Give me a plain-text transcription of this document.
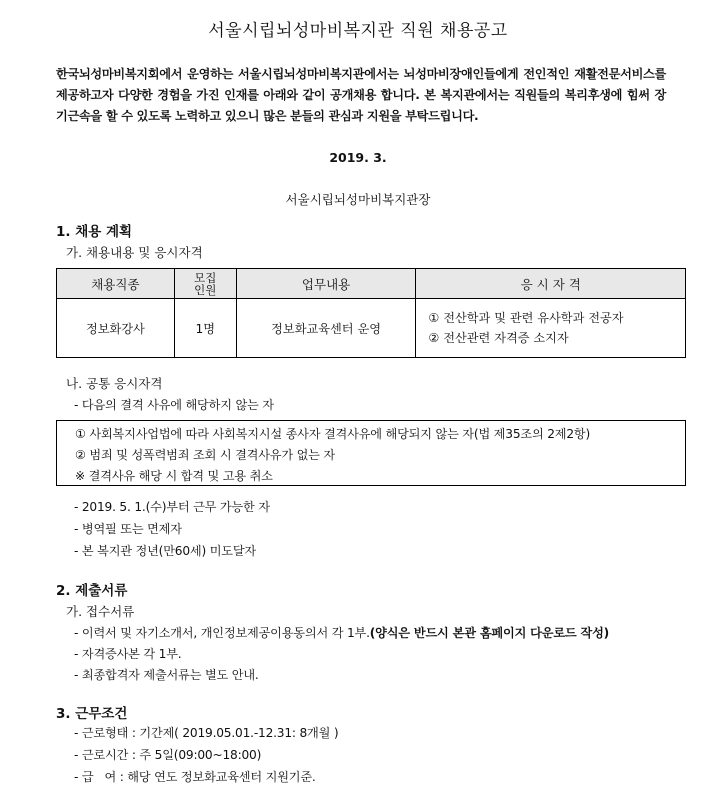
서울시립뇌성마비복지관 직원 채용공고
한국뇌성마비복지회에서 운영하는 서울시립뇌성마비복지관에서는 뇌성마비장애인들에게 전인적인 재활전문서비스를 제공하고자 다양한 경험을 가진 인재를 아래와 같이 공개채용 합니다. 본 복지관에서는 직원들의 복리후생에 힘써 장기근속을 할 수 있도록 노력하고 있으니 많은 분들의 관심과 지원을 부탁드립니다.
2019. 3.
서울시립뇌성마비복지관장
1. 채용 계획
가. 채용내용 및 응시자격
채용직종	모집인원	업무내용	응 시 자 격
정보화강사	1명	정보화교육센터 운영	① 전산학과 및 관련 유사학과 전공자
② 전산관련 자격증 소지자
나. 공통 응시자격
- 다음의 결격 사유에 해당하지 않는 자
① 사회복지사업법에 따라 사회복지시설 종사자 결격사유에 해당되지 않는 자(법 제35조의 2제2항)
② 범죄 및 성폭력범죄 조회 시 결격사유가 없는 자
※ 결격사유 해당 시 합격 및 고용 취소
- 2019. 5. 1.(수)부터 근무 가능한 자
- 병역필 또는 면제자
- 본 복지관 정년(만60세) 미도달자
2. 제출서류
가. 접수서류
- 이력서 및 자기소개서, 개인정보제공이용동의서 각 1부.(양식은 반드시 본관 홈페이지 다운로드 작성)
- 자격증사본 각 1부.
- 최종합격자 제출서류는 별도 안내.
3. 근무조건
- 근로형태 : 기간제( 2019.05.01.-12.31: 8개월 )
- 근로시간 : 주 5일(09:00~18:00)
- 급   여 : 해당 연도 정보화교육센터 지원기준.
